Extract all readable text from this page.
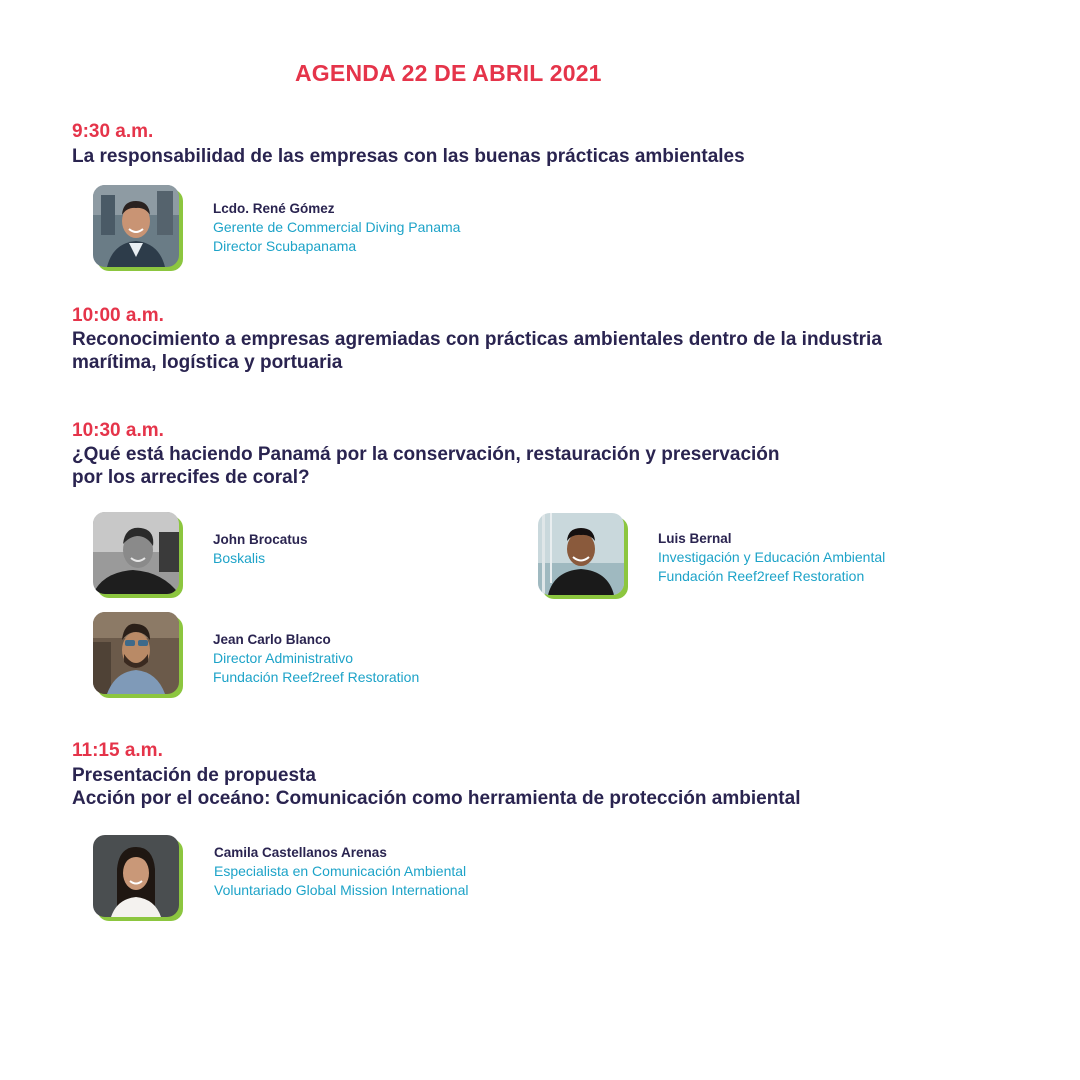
AGENDA 22 DE ABRIL 2021
9:30 a.m.
La responsabilidad de las empresas con las buenas prácticas ambientales
Lcdo. René Gómez
Gerente de Commercial Diving Panama
Director Scubapanama
10:00 a.m.
Reconocimiento a empresas agremiadas con prácticas ambientales dentro de la industria
marítima, logística y portuaria
10:30 a.m.
¿Qué está haciendo Panamá por la conservación, restauración y preservación
por los arrecifes de coral?
John Brocatus
Boskalis
Luis Bernal
Investigación y Educación Ambiental
Fundación Reef2reef Restoration
Jean Carlo Blanco
Director Administrativo
Fundación Reef2reef Restoration
11:15 a.m.
Presentación de propuesta
Acción por el oceáno: Comunicación como herramienta de protección ambiental
Camila Castellanos Arenas
Especialista en Comunicación Ambiental
Voluntariado Global Mission International
